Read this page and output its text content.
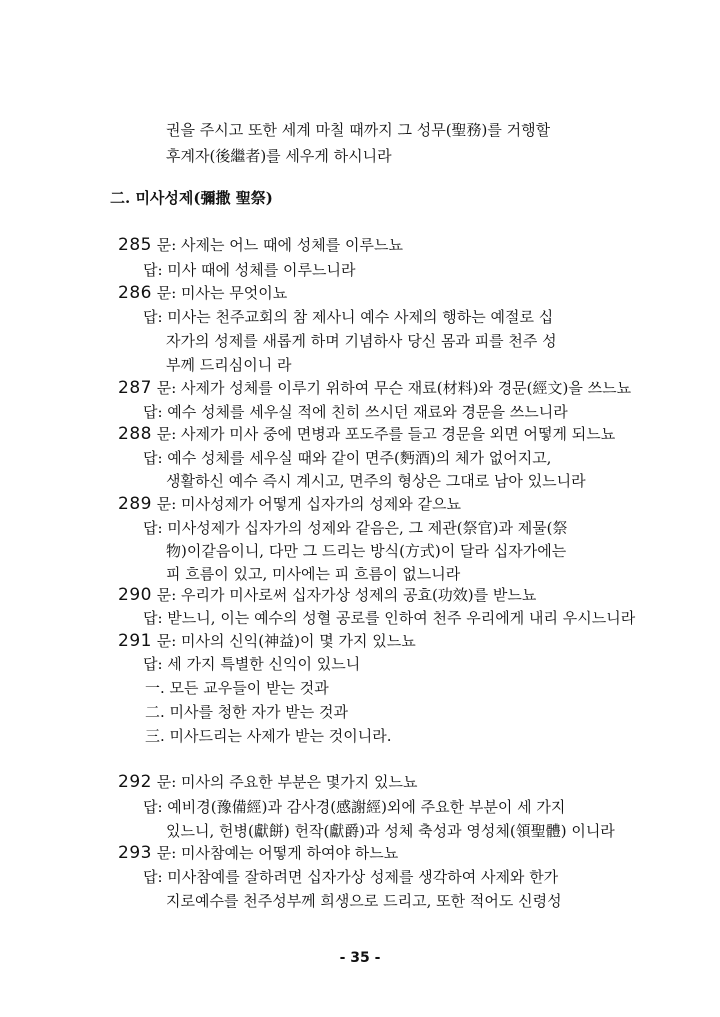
권을 주시고 또한 세계 마칠 때까지 그 성무(聖務)를 거행할
후계자(後繼者)를 세우게 하시니라
二. 미사성제(彌撒 聖祭)
285 문: 사제는 어느 때에 성체를 이루느뇨
답: 미사 때에 성체를 이루느니라
286 문: 미사는 무엇이뇨
답: 미사는 천주교회의 참 제사니 예수 사제의 행하는 예절로 십
자가의 성제를 새롭게 하며 기념하사 당신 몸과 피를 천주 성
부께 드리심이니 라
287 문: 사제가 성체를 이루기 위하여 무슨 재료(材料)와 경문(經文)을 쓰느뇨
답: 예수 성체를 세우실 적에 친히 쓰시던 재료와 경문을 쓰느니라
288 문: 사제가 미사 중에 면병과 포도주를 들고 경문을 외면 어떻게 되느뇨
답: 예수 성체를 세우실 때와 같이 면주(麪酒)의 체가 없어지고,
생활하신 예수 즉시 계시고, 면주의 형상은 그대로 남아 있느니라
289 문: 미사성제가 어떻게 십자가의 성제와 같으뇨
답: 미사성제가 십자가의 성제와 같음은, 그 제관(祭官)과 제물(祭
物)이같음이니, 다만 그 드리는 방식(方式)이 달라 십자가에는
피 흐름이 있고, 미사에는 피 흐름이 없느니라
290 문: 우리가 미사로써 십자가상 성제의 공효(功效)를 받느뇨
답: 받느니, 이는 예수의 성혈 공로를 인하여 천주 우리에게 내리 우시느니라
291 문: 미사의 신익(神益)이 몇 가지 있느뇨
답: 세 가지 특별한 신익이 있느니
一. 모든 교우들이 받는 것과
二. 미사를 청한 자가 받는 것과
三. 미사드리는 사제가 받는 것이니라.
292 문: 미사의 주요한 부분은 몇가지 있느뇨
답: 예비경(豫備經)과 감사경(感謝經)외에 주요한 부분이 세 가지
있느니, 헌병(獻餅) 헌작(獻爵)과 성체 축성과 영성체(領聖體) 이니라
293 문: 미사참예는 어떻게 하여야 하느뇨
답: 미사참예를 잘하려면 십자가상 성제를 생각하여 사제와 한가
지로예수를 천주성부께 희생으로 드리고, 또한 적어도 신령성
- 35 -
